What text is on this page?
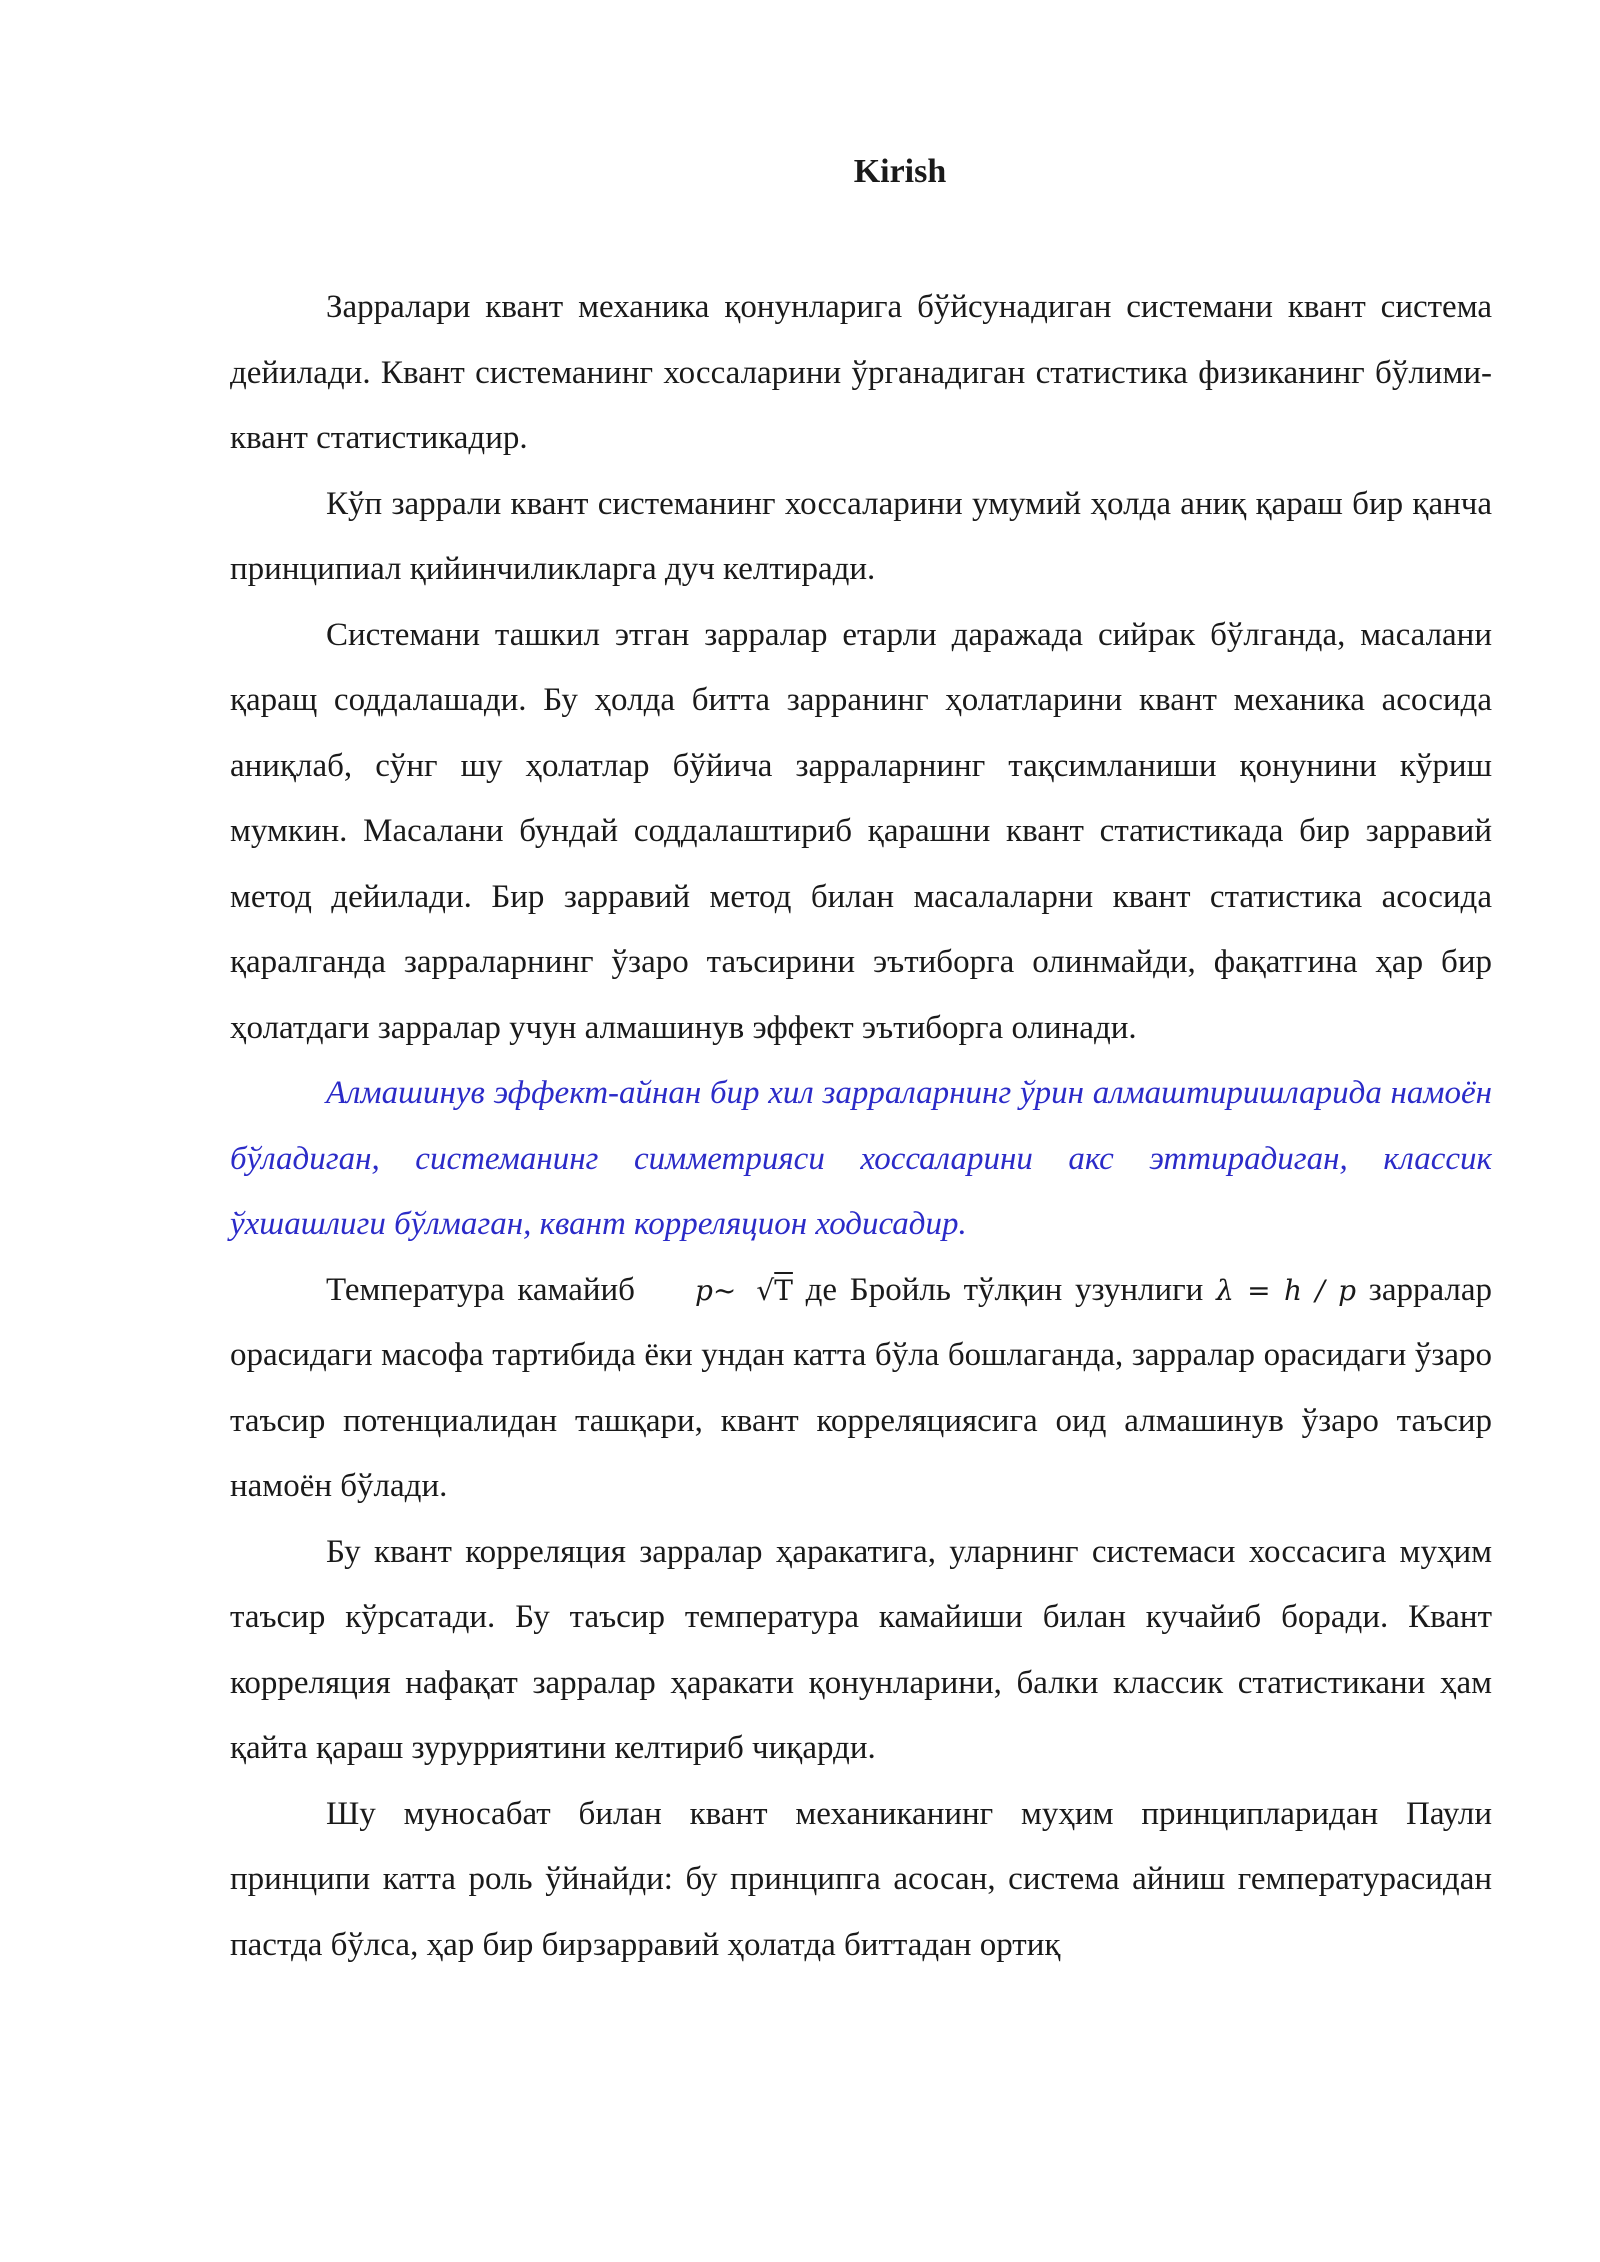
Kirish

Зарралари квант механика қонунларига бўйсунадиган системани квант система дейилади. Квант системанинг хоссаларини ўрганадиган статистика физиканинг бўлими- квант статистикадир.

Кўп заррали квант системанинг хоссаларини умумий ҳолда аниқ қараш бир қанча принципиал қийинчиликларга дуч келтиради.

Системани ташкил этган зарралар етарли даражада сийрак бўлганда, масалани қаращ соддалашади. Бу ҳолда битта зарранинг ҳолатларини квант механика асосида аниқлаб, сўнг шу ҳолатлар бўйича зарраларнинг тақсимланиши қонунини кўриш мумкин. Масалани бундай соддалаштириб қарашни квант статистикада бир зарравий метод дейилади. Бир зарравий метод билан масалаларни квант статистика асосида қаралганда зарраларнинг ўзаро таъсирини эътиборга олинмайди, фақатгина ҳар бир ҳолатдаги зарралар учун алмашинув эффект эътиборга олинади.

Алмашинув эффект-айнан бир хил зарраларнинг ўрин алмаштиришларида намоён бўладиган, системанинг симметрияси хоссаларини акс эттирадиган, классик ўхшашлиги бўлмаган, квант корреляцион ходисадир.

Температура камайиб p~ √T де Бройль тўлқин узунлиги λ = h / p зарралар орасидаги масофа тартибида ёки ундан катта бўла бошлаганда, зарралар орасидаги ўзаро таъсир потенциалидан ташқари, квант корреляциясига оид алмашинув ўзаро таъсир намоён бўлади.

Бу квант корреляция зарралар ҳаракатига, уларнинг системаси хоссасига муҳим таъсир кўрсатади. Бу таъсир температура камайиши билан кучайиб боради. Квант корреляция нафақат зарралар ҳаракати қонунларини, балки классик статистикани ҳам қайта қараш зурурриятини келтириб чиқарди.

Шу муносабат билан квант механиканинг муҳим принципларидан Паули принципи катта роль ўйнайди: бу принципга асосан, система айниш гемпературасидан пастда бўлса, ҳар бир бирзарравий ҳолатда биттадан ортиқ
